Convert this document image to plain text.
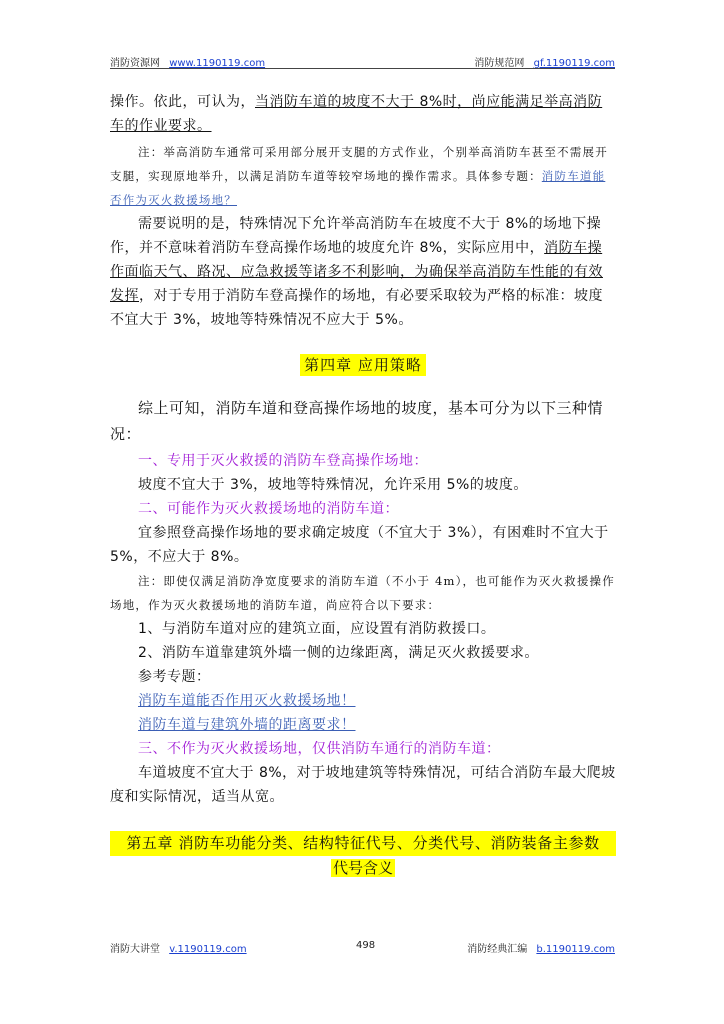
消防资源网 www.1190119.com	消防规范网 gf.1190119.com

操作。依此，可认为，当消防车道的坡度不大于 8%时，尚应能满足举高消防车的作业要求。

注：举高消防车通常可采用部分展开支腿的方式作业，个别举高消防车甚至不需展开支腿，实现原地举升，以满足消防车道等较窄场地的操作需求。具体参专题：消防车道能否作为灭火救援场地？

需要说明的是，特殊情况下允许举高消防车在坡度不大于 8%的场地下操作，并不意味着消防车登高操作场地的坡度允许 8%，实际应用中，消防车操作面临天气、路况、应急救援等诸多不利影响，为确保举高消防车性能的有效发挥，对于专用于消防车登高操作的场地，有必要采取较为严格的标准：坡度不宜大于 3%，坡地等特殊情况不应大于 5%。

第四章 应用策略

综上可知，消防车道和登高操作场地的坡度，基本可分为以下三种情况：

一、专用于灭火救援的消防车登高操作场地：

坡度不宜大于 3%，坡地等特殊情况，允许采用 5%的坡度。

二、可能作为灭火救援场地的消防车道：

宜参照登高操作场地的要求确定坡度（不宜大于 3%），有困难时不宜大于 5%，不应大于 8%。

注：即使仅满足消防净宽度要求的消防车道（不小于 4m），也可能作为灭火救援操作场地，作为灭火救援场地的消防车道，尚应符合以下要求：

1、与消防车道对应的建筑立面，应设置有消防救援口。

2、消防车道靠建筑外墙一侧的边缘距离，满足灭火救援要求。

参考专题：

消防车道能否作用灭火救援场地！

消防车道与建筑外墙的距离要求！

三、不作为灭火救援场地，仅供消防车通行的消防车道：

车道坡度不宜大于 8%，对于坡地建筑等特殊情况，可结合消防车最大爬坡度和实际情况，适当从宽。

第五章 消防车功能分类、结构特征代号、分类代号、消防装备主参数
代号含义
消防大讲堂 v.1190119.com	498	消防经典汇编 b.1190119.com
